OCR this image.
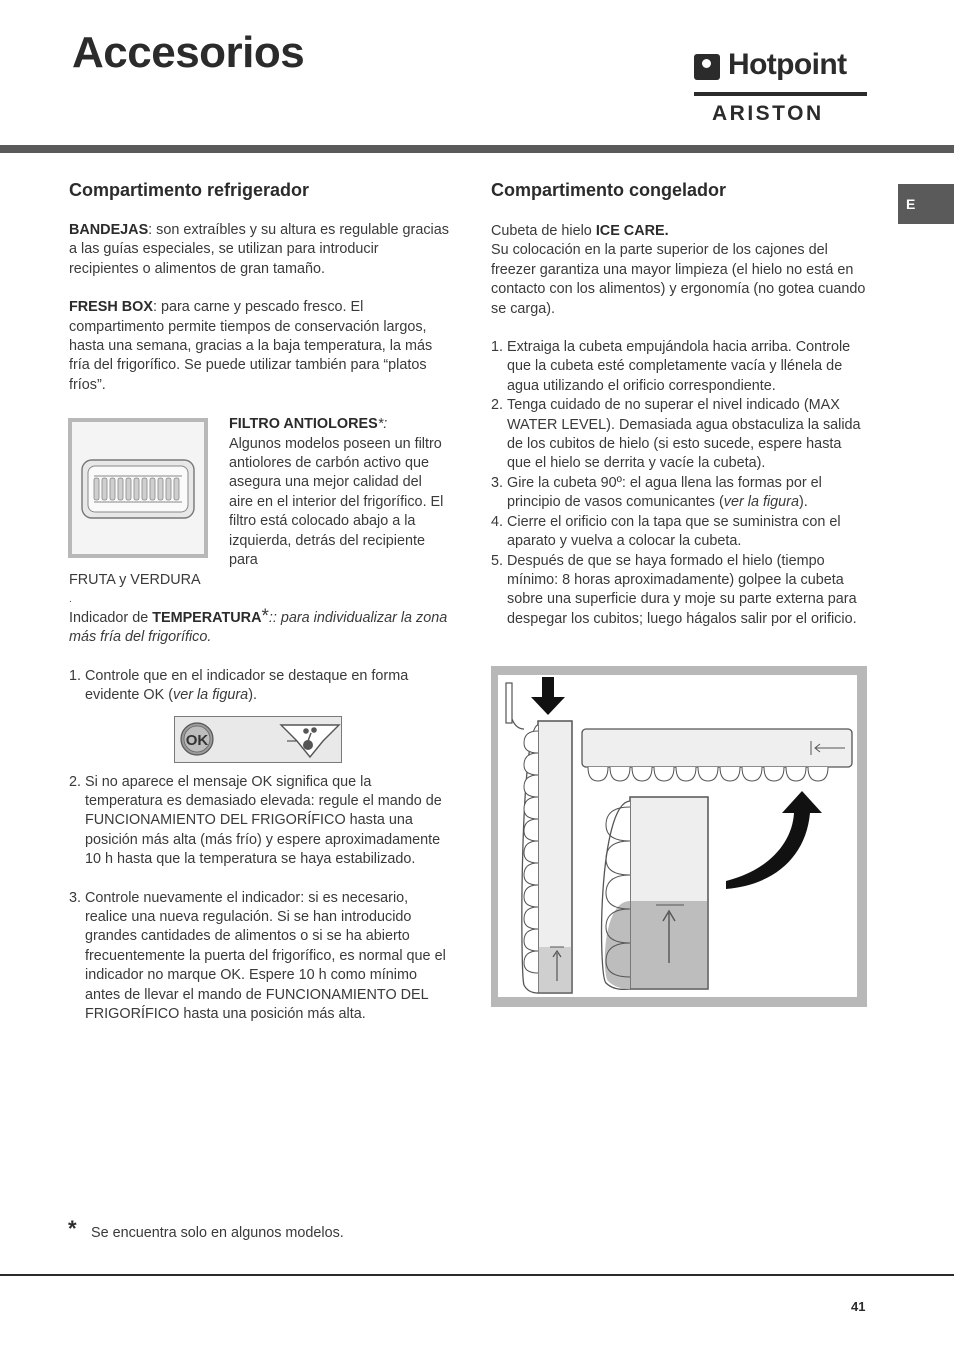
Accesorios	Hotpoint
ARISTON
E
Compartimento refrigerador

BANDEJAS: son extraíbles y su altura es regulable gracias a las guías especiales, se utilizan para introducir recipientes o alimentos de gran tamaño.

FRESH BOX: para carne y pescado fresco. El compartimento permite tiempos de conservación largos, hasta una semana, gracias a la baja temperatura, la más fría del frigorífico. Se puede utilizar también para “platos fríos”.

FILTRO ANTIOLORES*:
Algunos modelos poseen un filtro antiolores de carbón activo que asegura una mejor calidad del aire en el interior del frigorífico. El filtro está colocado abajo a la izquierda, detrás del recipiente para

FRUTA y VERDURA

.

Indicador de TEMPERATURA*:: para individualizar la zona más fría del frigorífico.

1. Controle que en el indicador se destaque en forma evidente OK (ver la figura).
2. Si no aparece el mensaje OK significa que la temperatura es demasiado elevada: regule el mando de FUNCIONAMIENTO DEL FRIGORÍFICO hasta una posición más alta (más frío) y espere aproximadamente 10 h hasta que la temperatura se haya estabilizado.
3. Controle nuevamente el indicador: si es necesario, realice una nueva regulación. Si se han introducido grandes cantidades de alimentos o si se ha abierto frecuentemente la puerta del frigorífico, es normal que el indicador no marque OK. Espere 10 h como mínimo antes de llevar el mando de FUNCIONAMIENTO DEL FRIGORÍFICO hasta una posición más alta.
OK
Compartimento congelador

Cubeta de hielo ICE CARE.
Su colocación en la parte superior de los cajones del freezer garantiza una mayor limpieza (el hielo no está en contacto con los alimentos) y ergonomía (no gotea cuando se carga).

1. Extraiga la cubeta empujándola hacia arriba. Controle que la cubeta esté completamente vacía y llénela de agua utilizando el orificio correspondiente.
2. Tenga cuidado de no superar el nivel indicado (MAX WATER LEVEL). Demasiada agua obstaculiza la salida de los cubitos de hielo (si esto sucede, espere hasta que el hielo se derrita y vacíe la cubeta).
3. Gire la cubeta 90º: el agua llena las formas por el principio de vasos comunicantes (ver la figura).
4. Cierre el orificio con la tapa que se suministra con el aparato y vuelva a colocar la cubeta.
5. Después de que se haya formado el hielo (tiempo mínimo: 8 horas aproximadamente) golpee la cubeta sobre una superficie dura y moje su parte externa para despegar los cubitos; luego hágalos salir por el orificio.
* Se encuentra solo en algunos modelos.
41
